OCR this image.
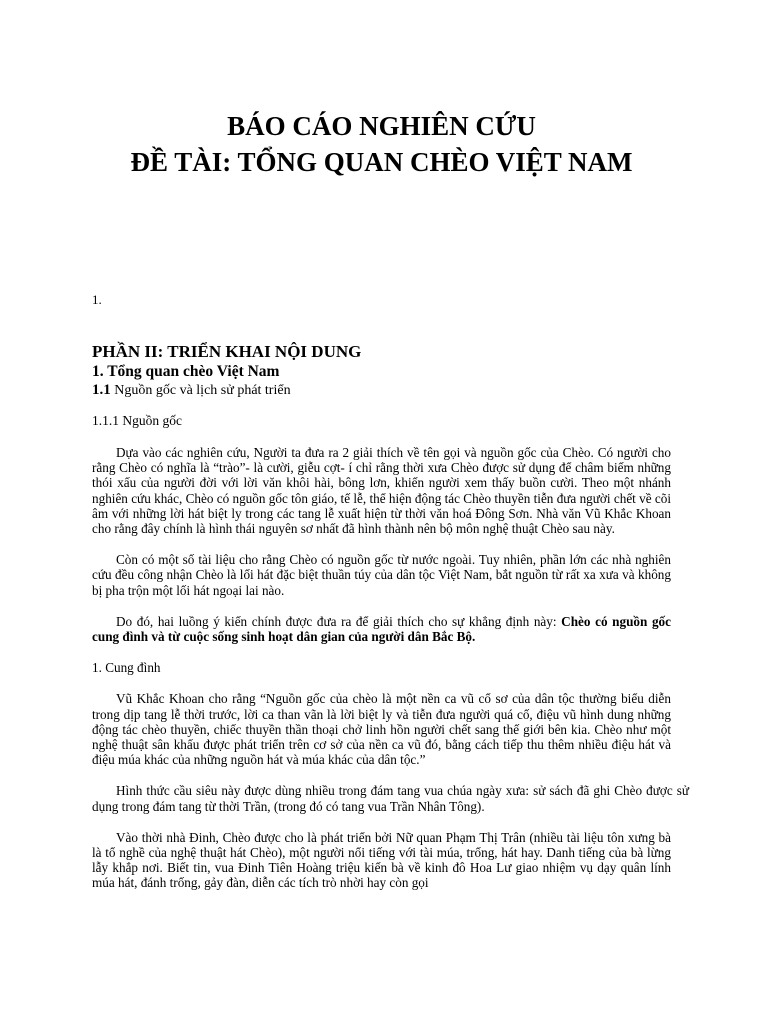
BÁO CÁO NGHIÊN CỨU
ĐỀ TÀI: TỔNG QUAN CHÈO VIỆT NAM
1.
PHẦN II: TRIỂN KHAI NỘI DUNG
1. Tổng quan chèo Việt Nam
1.1 Nguồn gốc và lịch sử phát triển
1.1.1 Nguồn gốc

Dựa vào các nghiên cứu, Người ta đưa ra 2 giải thích về tên gọi và nguồn gốc của Chèo. Có người cho rằng Chèo có nghĩa là “trào”- là cười, giễu cợt- í chỉ rằng thời xưa Chèo được sử dụng để châm biếm những thói xấu của người đời với lời văn khôi hài, bông lơn, khiến người xem thấy buồn cười. Theo một nhánh nghiên cứu khác, Chèo có nguồn gốc tôn giáo, tế lễ, thể hiện động tác Chèo thuyền tiễn đưa người chết về cõi âm với những lời hát biệt ly trong các tang lễ xuất hiện từ thời văn hoá Đông Sơn. Nhà văn Vũ Khắc Khoan cho rằng đây chính là hình thái nguyên sơ nhất đã hình thành nên bộ môn nghệ thuật Chèo sau này.

Còn có một số tài liệu cho rằng Chèo có nguồn gốc từ nước ngoài. Tuy nhiên, phần lớn các nhà nghiên cứu đều công nhận Chèo là lối hát đặc biệt thuần túy của dân tộc Việt Nam, bắt nguồn từ rất xa xưa và không bị pha trộn một lối hát ngoại lai nào.

Do đó, hai luồng ý kiến chính được đưa ra để giải thích cho sự khẳng định này: Chèo có nguồn gốc cung đình và từ cuộc sống sinh hoạt dân gian của người dân Bắc Bộ.

1. Cung đình

Vũ Khắc Khoan cho rằng “Nguồn gốc của chèo là một nền ca vũ cổ sơ của dân tộc thường biểu diễn trong dịp tang lễ thời trước, lời ca than vãn là lời biệt ly và tiễn đưa người quá cố, điệu vũ hình dung những động tác chèo thuyền, chiếc thuyền thần thoại chở linh hồn người chết sang thế giới bên kia. Chèo như một nghệ thuật sân khấu được phát triển trên cơ sở của nền ca vũ đó, bằng cách tiếp thu thêm nhiều điệu hát và điệu múa khác của những nguồn hát và múa khác của dân tộc.”

Hình thức cầu siêu này được dùng nhiều trong đám tang vua chúa ngày xưa: sử sách đã ghi Chèo được sử dụng trong đám tang từ thời Trần, (trong đó có tang vua Trần Nhân Tông).

Vào thời nhà Đinh, Chèo được cho là phát triển bởi Nữ quan Phạm Thị Trân (nhiều tài liệu tôn xưng bà là tổ nghề của nghệ thuật hát Chèo), một người nổi tiếng với tài múa, trống, hát hay. Danh tiếng của bà lừng lẫy khắp nơi. Biết tin, vua Đinh Tiên Hoàng triệu kiến bà về kinh đô Hoa Lư giao nhiệm vụ dạy quân lính múa hát, đánh trống, gảy đàn, diễn các tích trò nhời hay còn gọi
